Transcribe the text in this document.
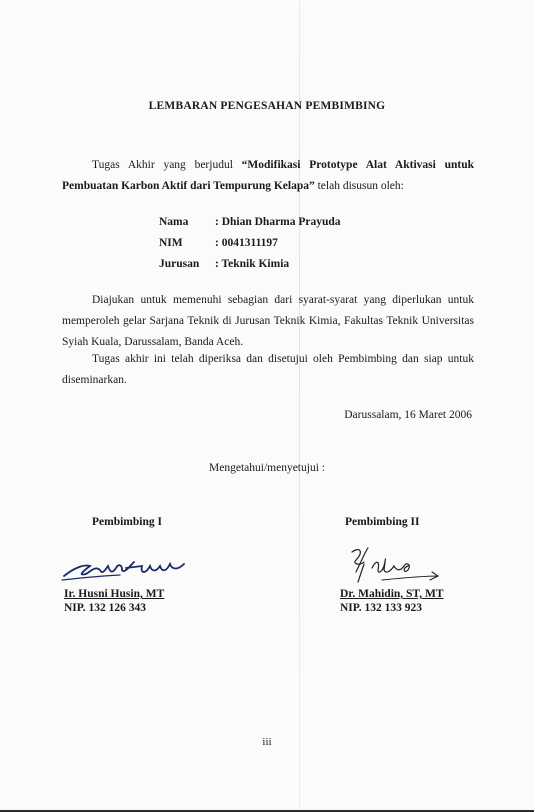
LEMBARAN PENGESAHAN PEMBIMBING
Tugas Akhir yang berjudul “Modifikasi Prototype Alat Aktivasi untuk Pembuatan Karbon Aktif dari Tempurung Kelapa” telah disusun oleh:
Nama : Dhian Dharma Prayuda
NIM	: 0041311197
Jurusan : Teknik Kimia
Diajukan untuk memenuhi sebagian dari syarat-syarat yang diperlukan untuk memperoleh gelar Sarjana Teknik di Jurusan Teknik Kimia, Fakultas Teknik Universitas Syiah Kuala, Darussalam, Banda Aceh.
Tugas akhir ini telah diperiksa dan disetujui oleh Pembimbing dan siap untuk diseminarkan.
Darussalam, 16 Maret 2006
Mengetahui/menyetujui :
Pembimbing I
Ir. Husni Husin, MT
NIP. 132 126 343
Pembimbing II
Dr. Mahidin, ST, MT
NIP. 132 133 923
iii
